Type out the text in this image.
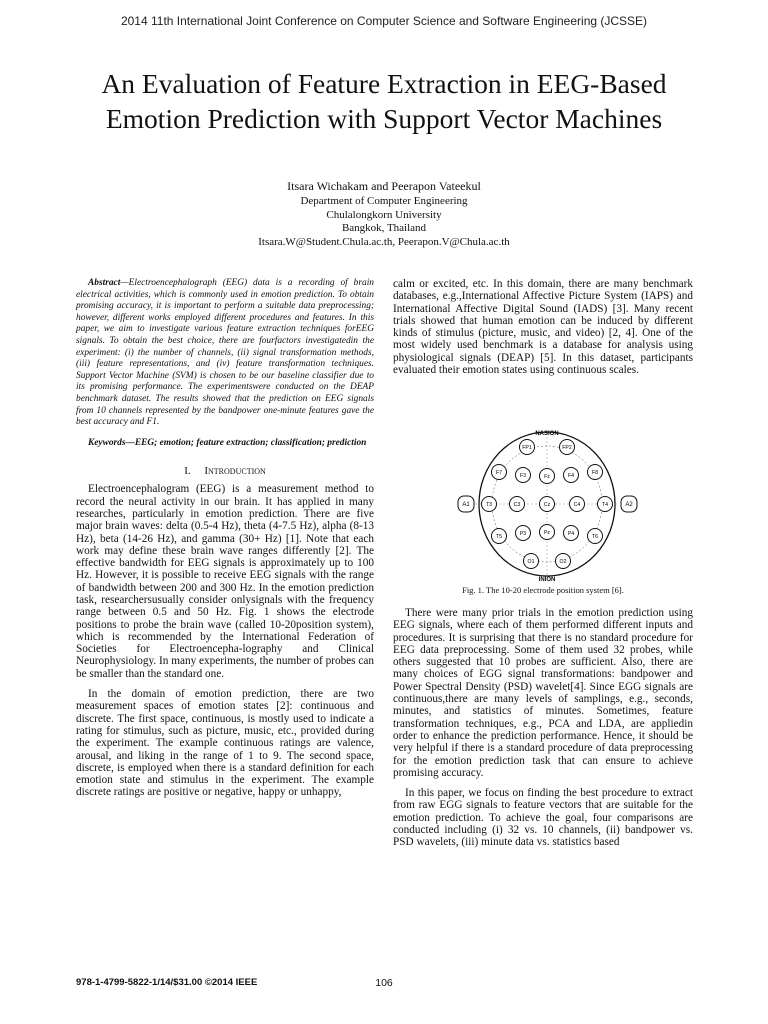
2014 11th International Joint Conference on Computer Science and Software Engineering (JCSSE)
An Evaluation of Feature Extraction in EEG-Based
Emotion Prediction with Support Vector Machines
Itsara Wichakam and Peerapon Vateekul
Department of Computer Engineering
Chulalongkorn University
Bangkok, Thailand
Itsara.W@Student.Chula.ac.th, Peerapon.V@Chula.ac.th

Abstract—Electroencephalograph (EEG) data is a recording of brain electrical activities, which is commonly used in emotion prediction. To obtain promising accuracy, it is important to perform a suitable data preprocessing; however, different works employed different procedures and features. In this paper, we aim to investigate various feature extraction techniques forEEG signals. To obtain the best choice, there are fourfactors investigatedin the experiment: (i) the number of channels, (ii) signal transformation methods, (iii) feature representations, and (iv) feature transformation techniques. Support Vector Machine (SVM) is chosen to be our baseline classifier due to its promising performance. The experimentswere conducted on the DEAP benchmark dataset. The results showed that the prediction on EEG signals from 10 channels represented by the bandpower one-minute features gave the best accuracy and F1.

Keywords—EEG; emotion; feature extraction; classification; prediction

I. Introduction

Electroencephalogram (EEG) is a measurement method to record the neural activity in our brain. It has applied in many researches, particularly in emotion prediction. There are five major brain waves: delta (0.5-4 Hz), theta (4-7.5 Hz), alpha (8-13 Hz), beta (14-26 Hz), and gamma (30+ Hz) [1]. Note that each work may define these brain wave ranges differently [2]. The effective bandwidth for EEG signals is approximately up to 100 Hz. However, it is possible to receive EEG signals with the range of bandwidth between 200 and 300 Hz. In the emotion prediction task, researchersusually consider onlysignals with the frequency range between 0.5 and 50 Hz. Fig. 1 shows the electrode positions to probe the brain wave (called 10-20position system), which is recommended by the International Federation of Societies for Electroencepha-lography and Clinical Neurophysiology. In many experiments, the number of probes can be smaller than the standard one.

In the domain of emotion prediction, there are two measurement spaces of emotion states [2]: continuous and discrete. The first space, continuous, is mostly used to indicate a rating for stimulus, such as picture, music, etc., provided during the experiment. The example continuous ratings are valence, arousal, and liking in the range of 1 to 9. The second space, discrete, is employed when there is a standard definition for each emotion state and stimulus in the experiment. The example discrete ratings are positive or negative, happy or unhappy,

calm or excited, etc. In this domain, there are many benchmark databases, e.g.,International Affective Picture System (IAPS) and International Affective Digital Sound (IADS) [3]. Many recent trials showed that human emotion can be induced by different kinds of stimulus (picture, music, and video) [2, 4]. One of the most widely used benchmark is a database for analysis using physiological signals (DEAP) [5]. In this dataset, participants evaluated their emotion states using continuous scales.

NASION
INION
A1	A2
FP1	FP2
F7	F3	Fz	F4	F8
T3	C3	Cz	C4	T4
T5	P3	Pz	P4	T6
O1	O2
Fig. 1. The 10-20 electrode position system [6].

There were many prior trials in the emotion prediction using EEG signals, where each of them performed different inputs and procedures. It is surprising that there is no standard procedure for EEG data preprocessing. Some of them used 32 probes, while others suggested that 10 probes are sufficient. Also, there are many choices of EGG signal transformations: bandpower and Power Spectral Density (PSD) wavelet[4]. Since EGG signals are continuous,there are many levels of samplings, e.g., seconds, minutes, and statistics of minutes. Sometimes, feature transformation techniques, e.g., PCA and LDA, are appliedin order to enhance the prediction performance. Hence, it should be very helpful if there is a standard procedure of data preprocessing for the emotion prediction task that can ensure to achieve promising accuracy.

In this paper, we focus on finding the best procedure to extract from raw EGG signals to feature vectors that are suitable for the emotion prediction. To achieve the goal, four comparisons are conducted including (i) 32 vs. 10 channels, (ii) bandpower vs. PSD wavelets, (iii) minute data vs. statistics based

978-1-4799-5822-1/14/$31.00 ©2014 IEEE	106
